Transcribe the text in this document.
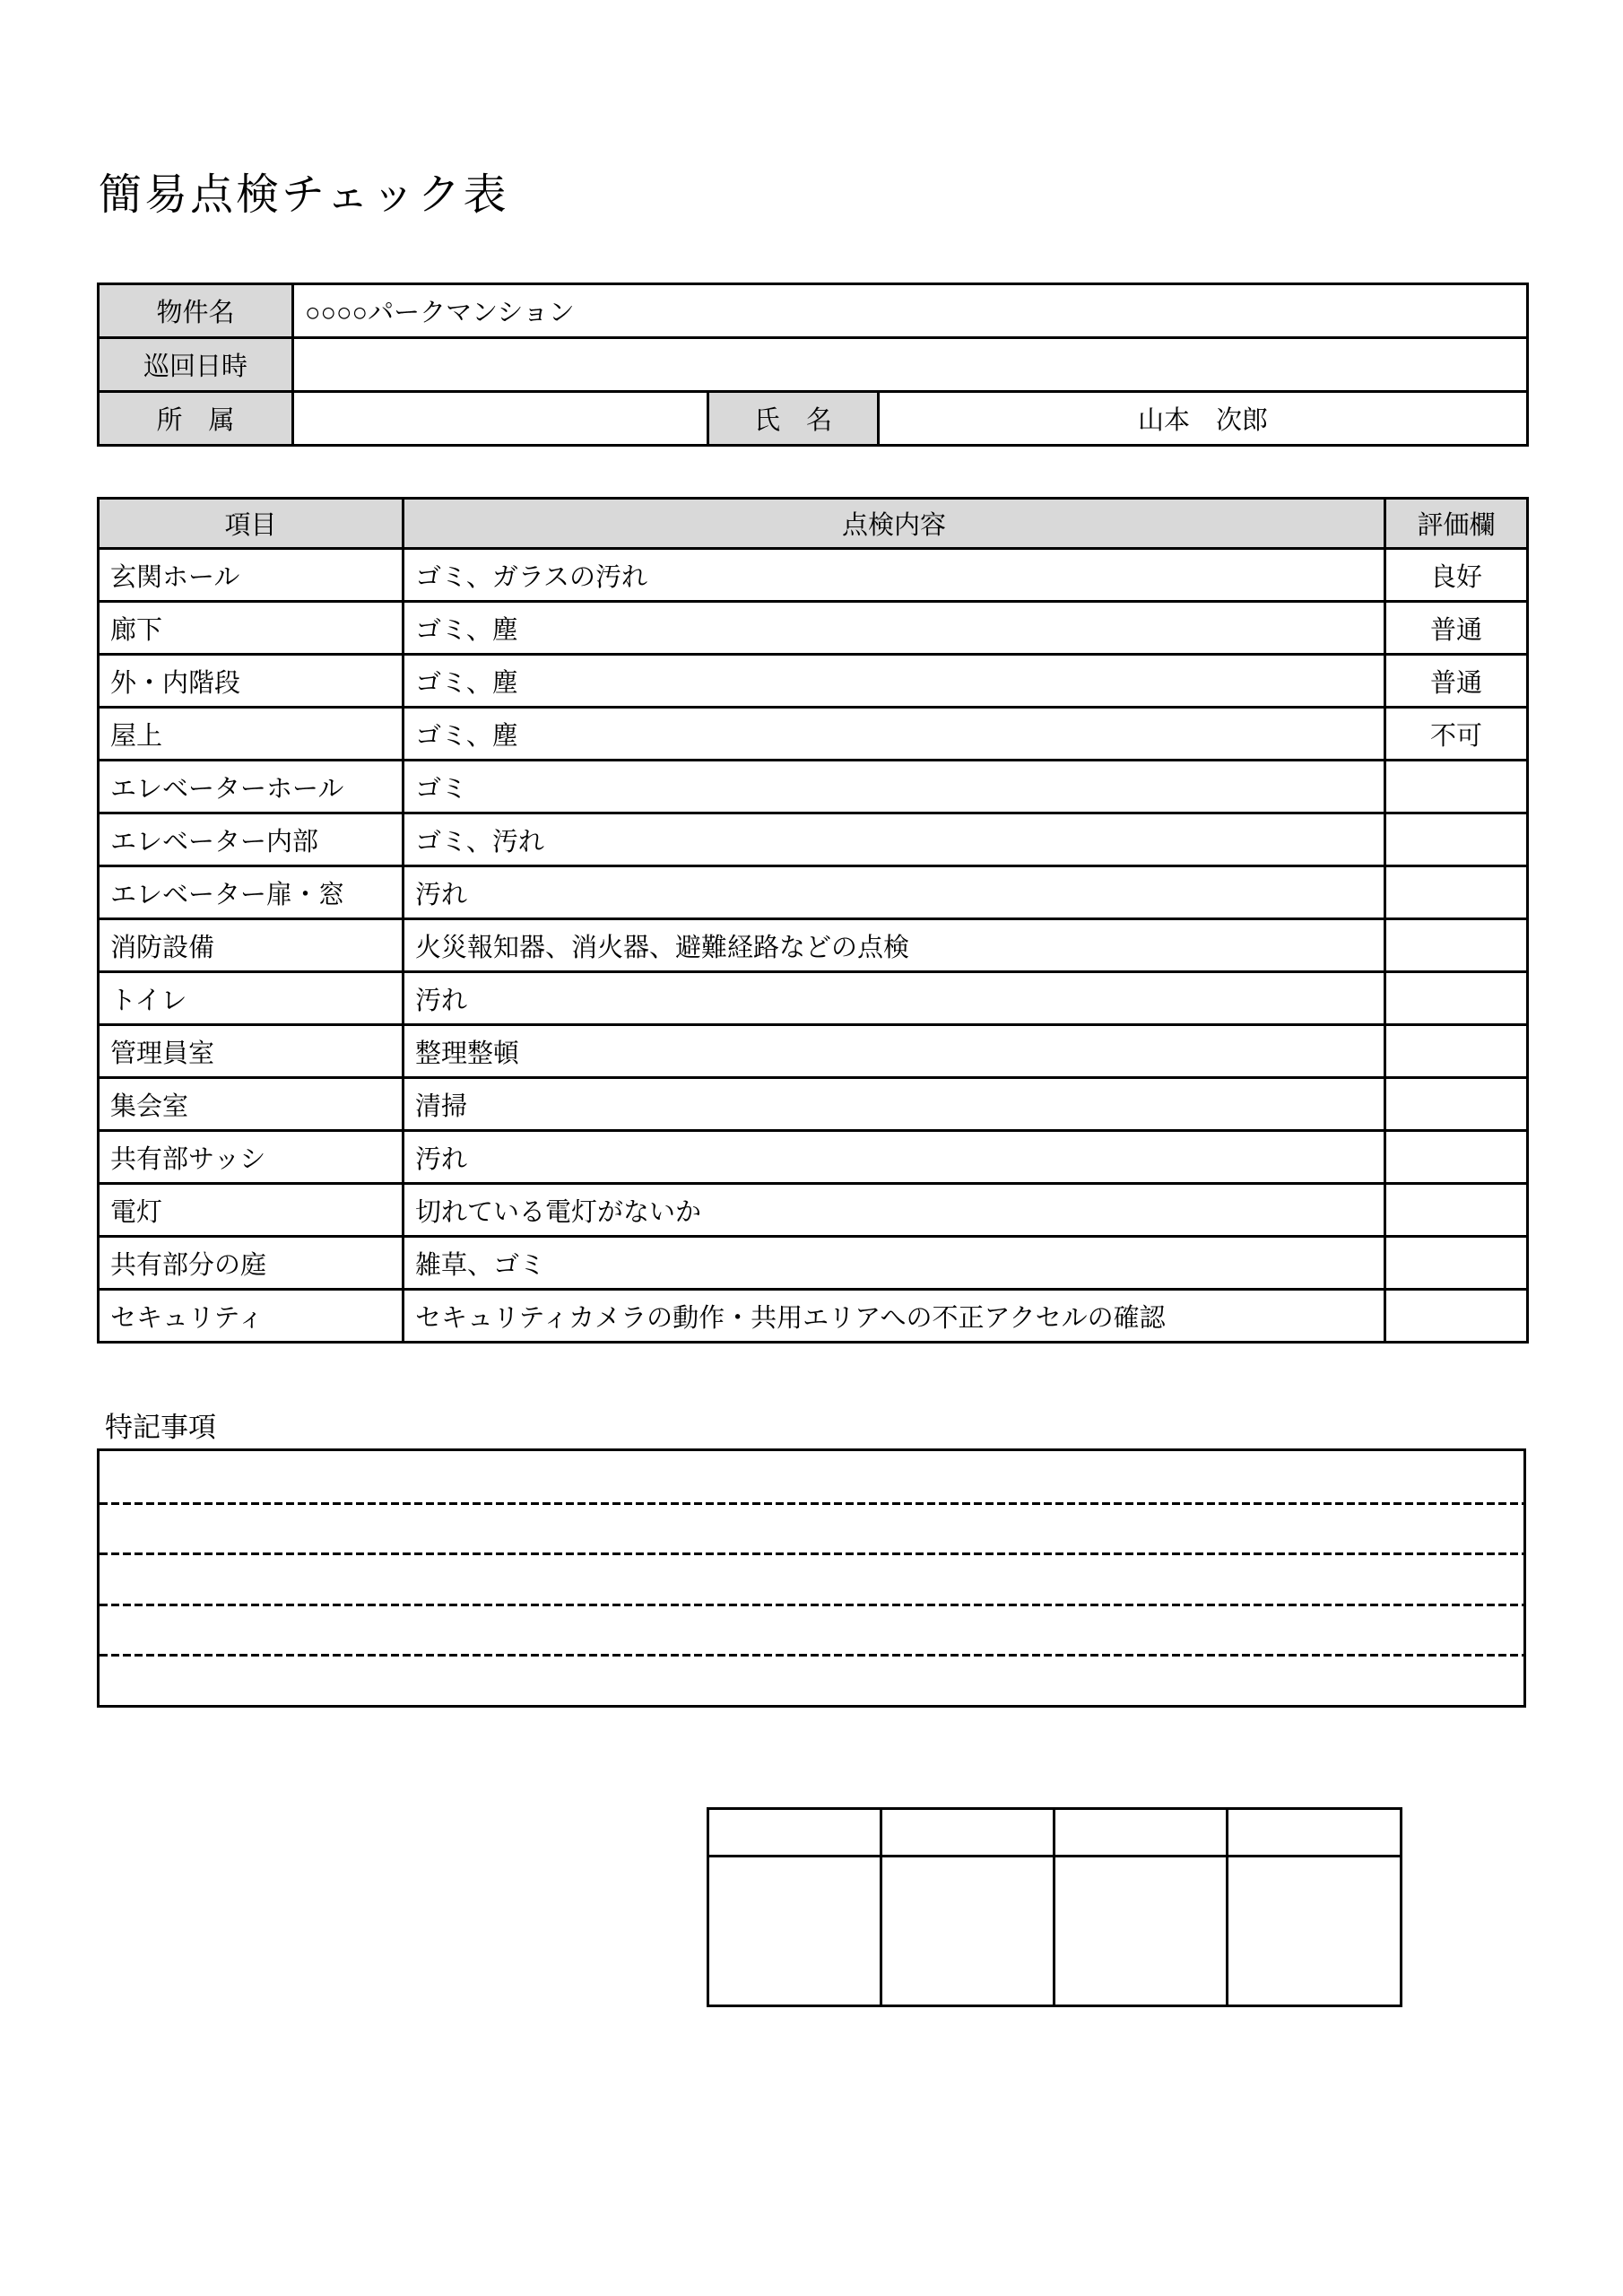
簡易点検チェック表
物件名	○○○○パークマンション		
巡回日時			
所　属		氏　名	山本　次郎
項目	点検内容	評価欄
玄関ホール	ゴミ、ガラスの汚れ	良好
廊下	ゴミ、塵	普通
外・内階段	ゴミ、塵	普通
屋上	ゴミ、塵	不可
エレベーターホール	ゴミ	
エレベーター内部	ゴミ、汚れ	
エレベーター扉・窓	汚れ	
消防設備	火災報知器、消火器、避難経路などの点検	
トイレ	汚れ	
管理員室	整理整頓	
集会室	清掃	
共有部サッシ	汚れ	
電灯	切れている電灯がないか	
共有部分の庭	雑草、ゴミ	
セキュリティ	セキュリティカメラの動作・共用エリアへの不正アクセルの確認	
特記事項
